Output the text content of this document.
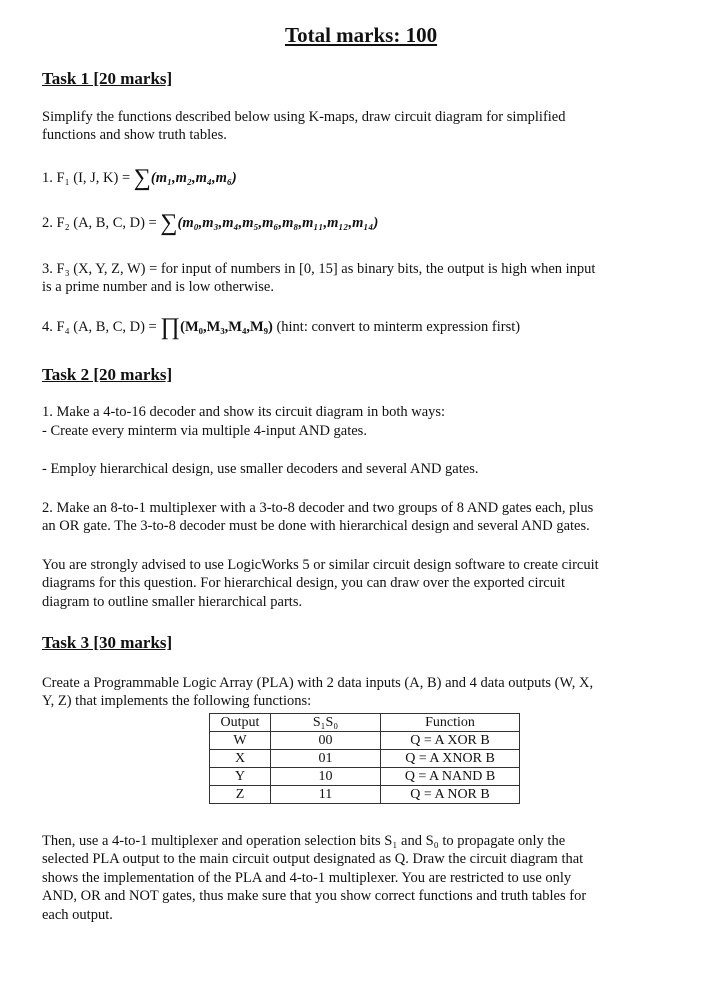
Total marks: 100
Task 1 [20 marks]
Simplify the functions described below using K-maps, draw circuit diagram for simplified
functions and show truth tables.
1. F₁ (I, J, K) = ∑(m₁,m₂,m₄,m₆)
2. F₂ (A, B, C, D) = ∑(m₀,m₃,m₄,m₅,m₆,m₈,m₁₁,m₁₂,m₁₄)
3. F₃ (X, Y, Z, W) = for input of numbers in [0, 15] as binary bits, the output is high when input
is a prime number and is low otherwise.
4. F₄ (A, B, C, D) = ∏(M₀,M₃,M₄,M₉) (hint: convert to minterm expression first)
Task 2 [20 marks]
1. Make a 4-to-16 decoder and show its circuit diagram in both ways:
- Create every minterm via multiple 4-input AND gates.
- Employ hierarchical design, use smaller decoders and several AND gates.
2. Make an 8-to-1 multiplexer with a 3-to-8 decoder and two groups of 8 AND gates each, plus
an OR gate. The 3-to-8 decoder must be done with hierarchical design and several AND gates.
You are strongly advised to use LogicWorks 5 or similar circuit design software to create circuit
diagrams for this question. For hierarchical design, you can draw over the exported circuit
diagram to outline smaller hierarchical parts.
Task 3 [30 marks]
Create a Programmable Logic Array (PLA) with 2 data inputs (A, B) and 4 data outputs (W, X,
Y, Z) that implements the following functions:
Output	S₁S₀	Function
W	00	Q = A XOR B
X	01	Q = A XNOR B
Y	10	Q = A NAND B
Z	11	Q = A NOR B
Then, use a 4-to-1 multiplexer and operation selection bits S₁ and S₀ to propagate only the
selected PLA output to the main circuit output designated as Q. Draw the circuit diagram that
shows the implementation of the PLA and 4-to-1 multiplexer. You are restricted to use only
AND, OR and NOT gates, thus make sure that you show correct functions and truth tables for
each output.
